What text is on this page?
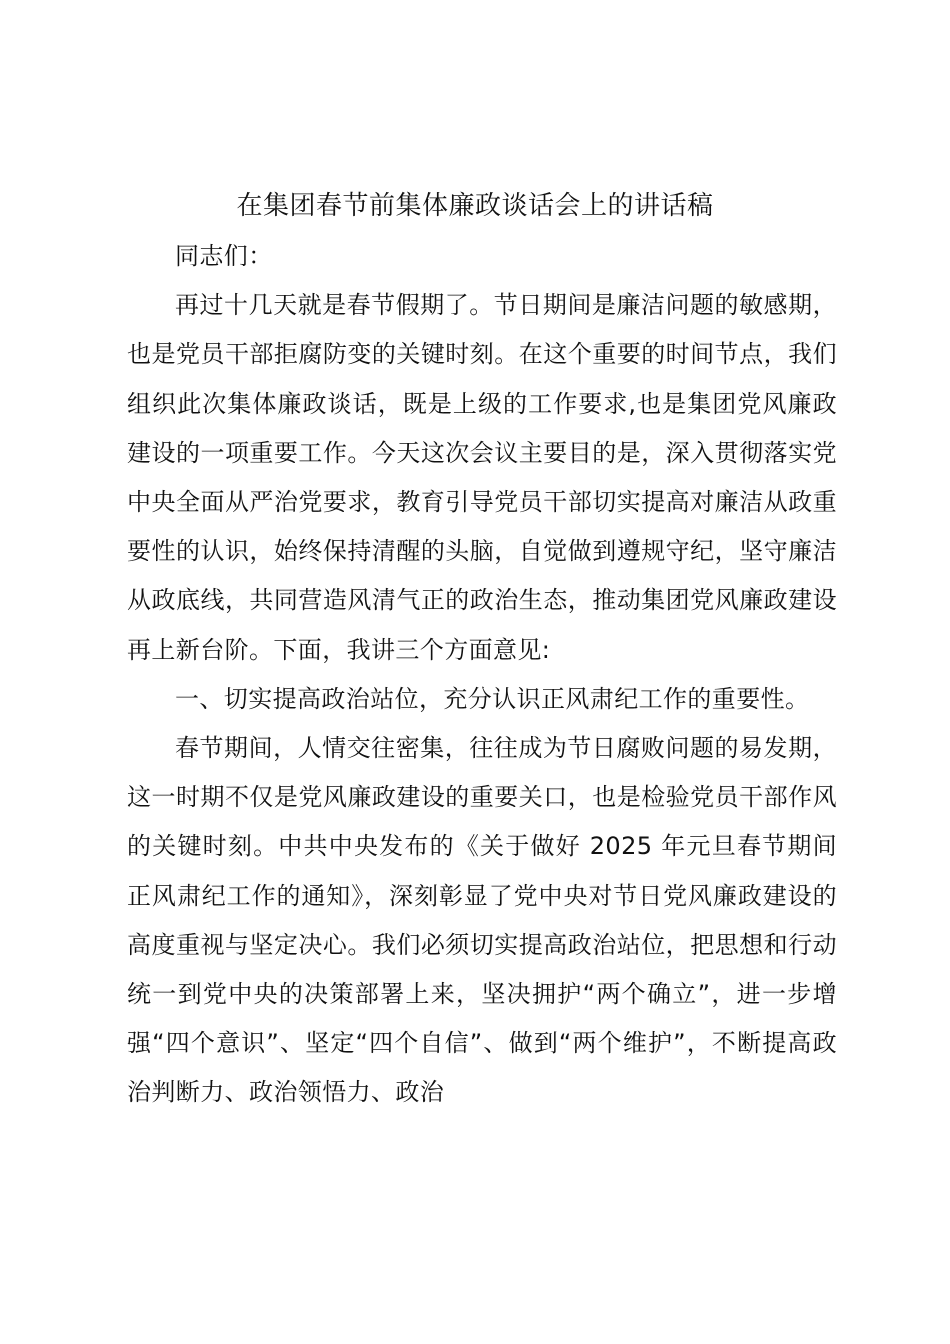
在集团春节前集体廉政谈话会上的讲话稿

同志们：

再过十几天就是春节假期了。节日期间是廉洁问题的敏感期，也是党员干部拒腐防变的关键时刻。在这个重要的时间节点，我们组织此次集体廉政谈话，既是上级的工作要求,也是集团党风廉政建设的一项重要工作。今天这次会议主要目的是，深入贯彻落实党中央全面从严治党要求，教育引导党员干部切实提高对廉洁从政重要性的认识，始终保持清醒的头脑，自觉做到遵规守纪，坚守廉洁从政底线，共同营造风清气正的政治生态，推动集团党风廉政建设再上新台阶。下面，我讲三个方面意见:

一、切实提高政治站位，充分认识正风肃纪工作的重要性。

春节期间，人情交往密集，往往成为节日腐败问题的易发期，这一时期不仅是党风廉政建设的重要关口，也是检验党员干部作风的关键时刻。中共中央发布的《关于做好 2025 年元旦春节期间正风肃纪工作的通知》，深刻彰显了党中央对节日党风廉政建设的高度重视与坚定决心。我们必须切实提高政治站位，把思想和行动统一到党中央的决策部署上来，坚决拥护“两个确立”，进一步增强“四个意识”、坚定“四个自信”、做到“两个维护”，不断提高政治判断力、政治领悟力、政治
